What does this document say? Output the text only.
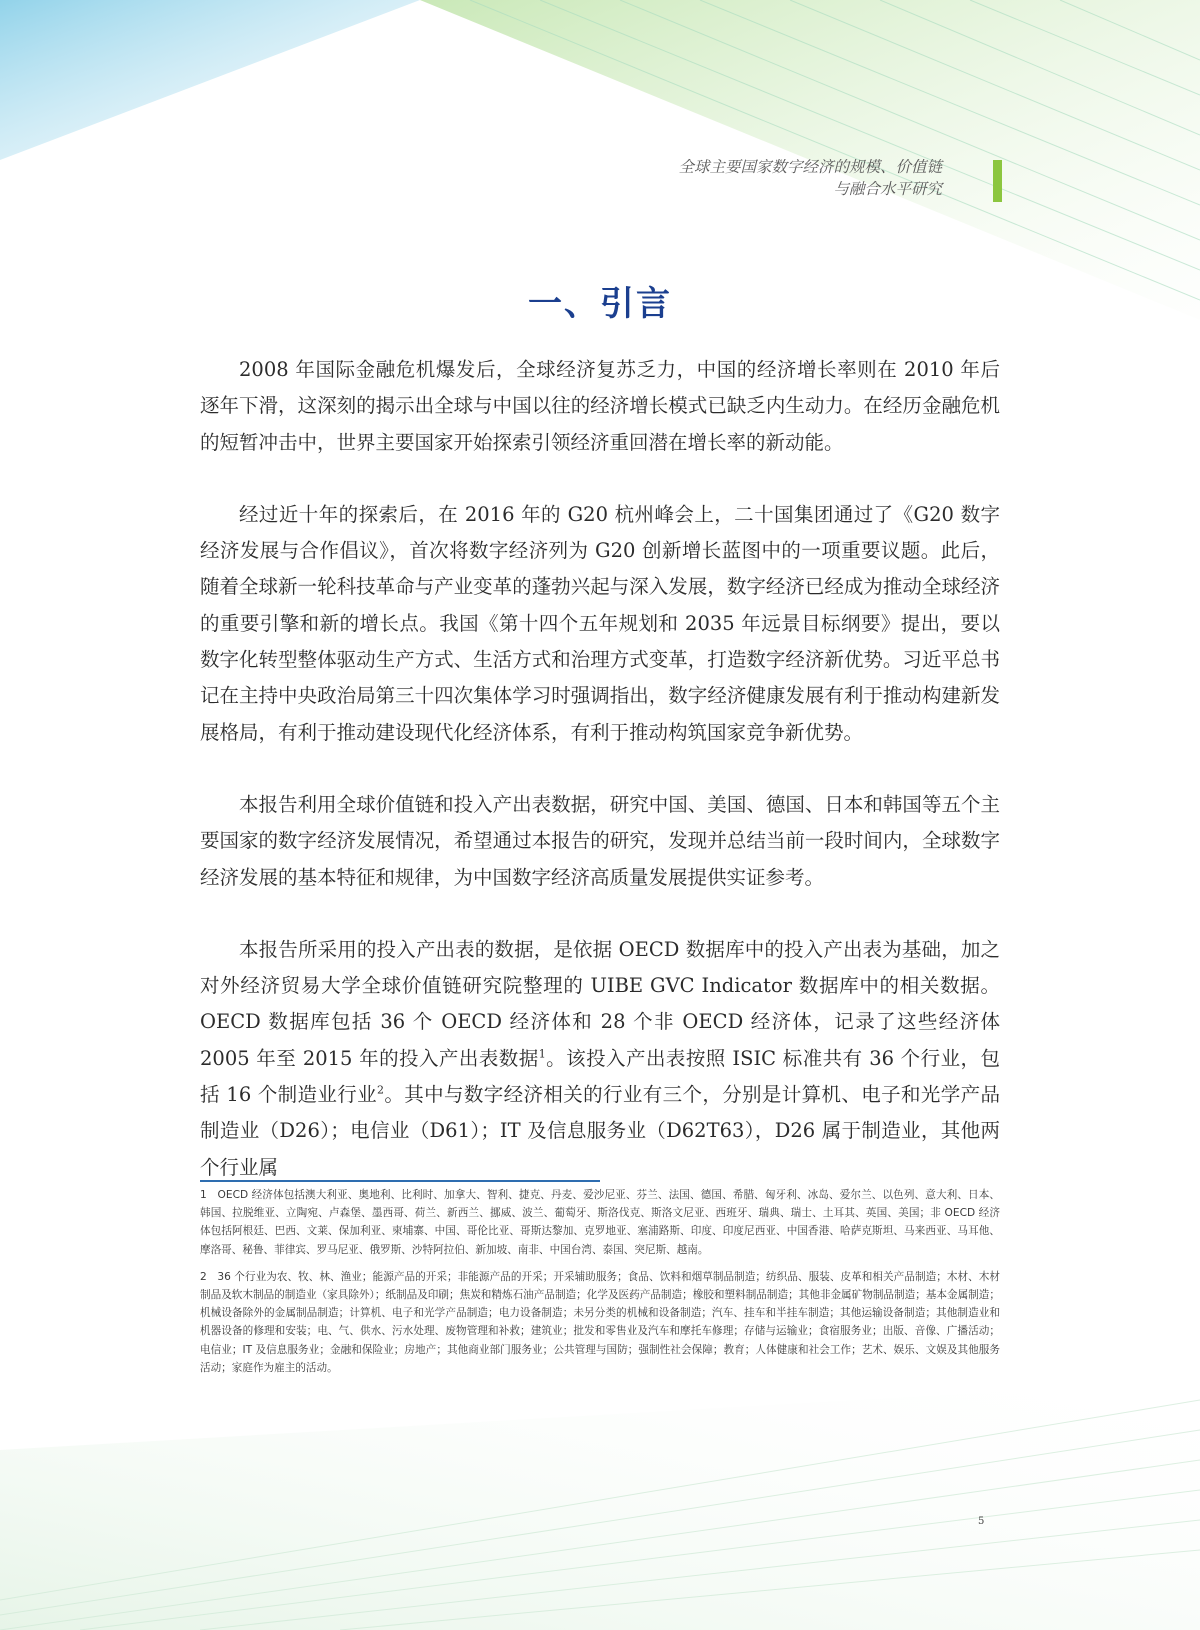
全球主要国家数字经济的规模、价值链
与融合水平研究
一、引言

2008 年国际金融危机爆发后，全球经济复苏乏力，中国的经济增长率则在 2010 年后逐年下滑，这深刻的揭示出全球与中国以往的经济增长模式已缺乏内生动力。在经历金融危机的短暂冲击中，世界主要国家开始探索引领经济重回潜在增长率的新动能。

经过近十年的探索后，在 2016 年的 G20 杭州峰会上，二十国集团通过了《G20 数字经济发展与合作倡议》，首次将数字经济列为 G20 创新增长蓝图中的一项重要议题。此后，随着全球新一轮科技革命与产业变革的蓬勃兴起与深入发展，数字经济已经成为推动全球经济的重要引擎和新的增长点。我国《第十四个五年规划和 2035 年远景目标纲要》提出，要以数字化转型整体驱动生产方式、生活方式和治理方式变革，打造数字经济新优势。习近平总书记在主持中央政治局第三十四次集体学习时强调指出，数字经济健康发展有利于推动构建新发展格局，有利于推动建设现代化经济体系，有利于推动构筑国家竞争新优势。

本报告利用全球价值链和投入产出表数据，研究中国、美国、德国、日本和韩国等五个主要国家的数字经济发展情况，希望通过本报告的研究，发现并总结当前一段时间内，全球数字经济发展的基本特征和规律，为中国数字经济高质量发展提供实证参考。

本报告所采用的投入产出表的数据，是依据 OECD 数据库中的投入产出表为基础，加之对外经济贸易大学全球价值链研究院整理的 UIBE GVC Indicator 数据库中的相关数据。OECD 数据库包括 36 个 OECD 经济体和 28 个非 OECD 经济体，记录了这些经济体 2005 年至 2015 年的投入产出表数据$^1$。该投入产出表按照 ISIC 标准共有 36 个行业，包括 16 个制造业行业$^2$。其中与数字经济相关的行业有三个，分别是计算机、电子和光学产品制造业（D26）；电信业（D61）；IT 及信息服务业（D62T63），D26 属于制造业，其他两个行业属

1　OECD 经济体包括澳大利亚、奥地利、比利时、加拿大、智利、捷克、丹麦、爱沙尼亚、芬兰、法国、德国、希腊、匈牙利、冰岛、爱尔兰、以色列、意大利、日本、韩国、拉脱维亚、立陶宛、卢森堡、墨西哥、荷兰、新西兰、挪威、波兰、葡萄牙、斯洛伐克、斯洛文尼亚、西班牙、瑞典、瑞士、土耳其、英国、美国；非 OECD 经济体包括阿根廷、巴西、文莱、保加利亚、柬埔寨、中国、哥伦比亚、哥斯达黎加、克罗地亚、塞浦路斯、印度、印度尼西亚、中国香港、哈萨克斯坦、马来西亚、马耳他、摩洛哥、秘鲁、菲律宾、罗马尼亚、俄罗斯、沙特阿拉伯、新加坡、南非、中国台湾、泰国、突尼斯、越南。

2　36 个行业为农、牧、林、渔业；能源产品的开采；非能源产品的开采；开采辅助服务；食品、饮料和烟草制品制造；纺织品、服装、皮革和相关产品制造；木材、木材制品及软木制品的制造业（家具除外）；纸制品及印刷；焦炭和精炼石油产品制造；化学及医药产品制造；橡胶和塑料制品制造；其他非金属矿物制品制造；基本金属制造；机械设备除外的金属制品制造；计算机、电子和光学产品制造；电力设备制造；未另分类的机械和设备制造；汽车、挂车和半挂车制造；其他运输设备制造；其他制造业和机器设备的修理和安装；电、气、供水、污水处理、废物管理和补救；建筑业；批发和零售业及汽车和摩托车修理；存储与运输业；食宿服务业；出版、音像、广播活动；电信业；IT 及信息服务业；金融和保险业；房地产；其他商业部门服务业；公共管理与国防；强制性社会保障；教育；人体健康和社会工作；艺术、娱乐、文娱及其他服务活动；家庭作为雇主的活动。

5
